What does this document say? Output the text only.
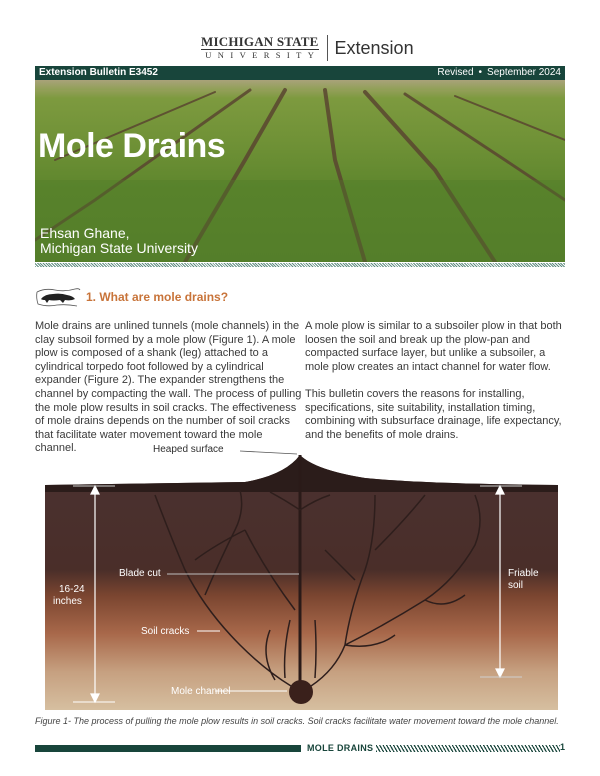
MICHIGAN STATE
UNIVERSITY Extension
Extension Bulletin E3452	Revised • September 2024
Mole Drains
Ehsan Ghane,
Michigan State University
1. What are mole drains?

Mole drains are unlined tunnels (mole channels) in the clay subsoil formed by a mole plow (Figure 1). A mole plow is composed of a shank (leg) attached to a cylindrical torpedo foot followed by a cylindrical expander (Figure 2). The expander strengthens the channel by compacting the wall. The process of pulling the mole plow results in soil cracks. The effectiveness of mole drains depends on the number of soil cracks that facilitate water movement toward the mole channel.

A mole plow is similar to a subsoiler plow in that both loosen the soil and break up the plow-pan and compacted surface layer, but unlike a subsoiler, a mole plow creates an intact channel for water flow.

This bulletin covers the reasons for installing, specifications, site suitability, installation timing, combining with subsurface drainage, life expectancy, and the benefits of mole drains.

Heaped surface
Blade cut
16-24
inches
Soil cracks
Mole channel
Friable
soil
Figure 1- The process of pulling the mole plow results in soil cracks. Soil cracks facilitate water movement toward the mole channel.
MOLE DRAINS	1
